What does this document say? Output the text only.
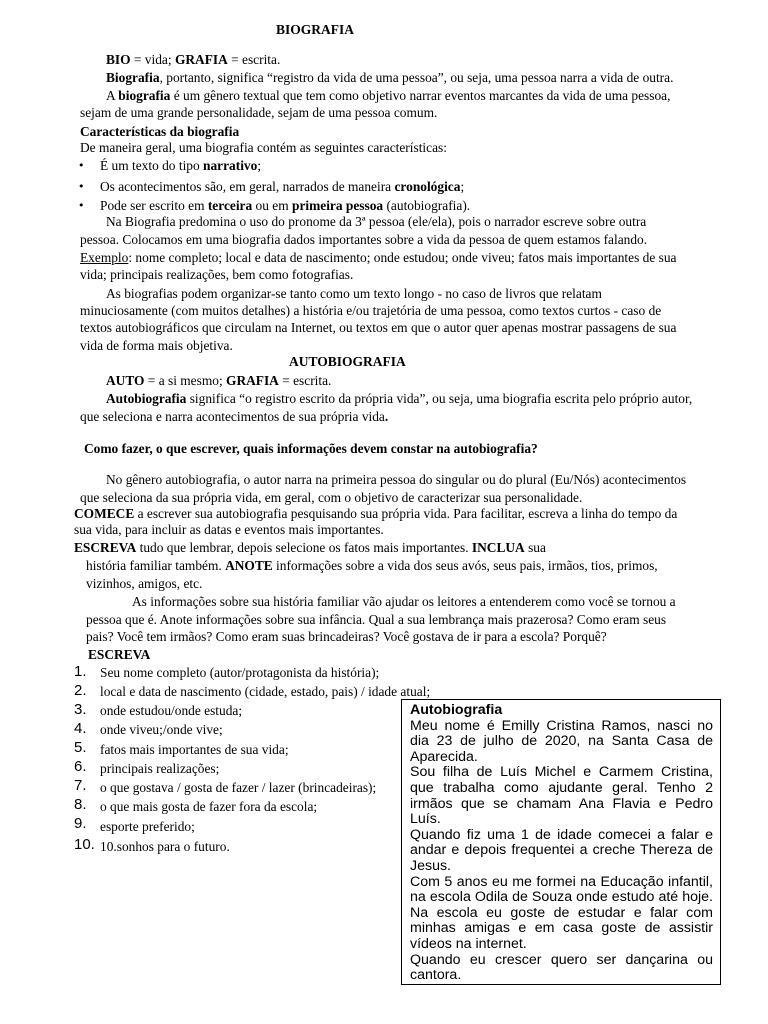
BIOGRAFIA
BIO = vida; GRAFIA = escrita.
Biografia, portanto, significa “registro da vida de uma pessoa”, ou seja, uma pessoa narra a vida de outra.
A biografia é um gênero textual que tem como objetivo narrar eventos marcantes da vida de uma pessoa,
sejam de uma grande personalidade, sejam de uma pessoa comum.
Características da biografia
De maneira geral, uma biografia contém as seguintes características:
• É um texto do tipo narrativo;
• Os acontecimentos são, em geral, narrados de maneira cronológica;
• Pode ser escrito em terceira ou em primeira pessoa (autobiografia).
Na Biografia predomina o uso do pronome da 3ª pessoa (ele/ela), pois o narrador escreve sobre outra
pessoa. Colocamos em uma biografia dados importantes sobre a vida da pessoa de quem estamos falando.
Exemplo: nome completo; local e data de nascimento; onde estudou; onde viveu; fatos mais importantes de sua
vida; principais realizações, bem como fotografias.
As biografias podem organizar-se tanto como um texto longo - no caso de livros que relatam
minuciosamente (com muitos detalhes) a história e/ou trajetória de uma pessoa, como textos curtos - caso de
textos autobiográficos que circulam na Internet, ou textos em que o autor quer apenas mostrar passagens de sua
vida de forma mais objetiva.
AUTOBIOGRAFIA
AUTO = a si mesmo; GRAFIA = escrita.
Autobiografia significa “o registro escrito da própria vida”, ou seja, uma biografia escrita pelo próprio autor,
que seleciona e narra acontecimentos de sua própria vida.
Como fazer, o que escrever, quais informações devem constar na autobiografia?
No gênero autobiografia, o autor narra na primeira pessoa do singular ou do plural (Eu/Nós) acontecimentos
que seleciona da sua própria vida, em geral, com o objetivo de caracterizar sua personalidade.
COMECE a escrever sua autobiografia pesquisando sua própria vida. Para facilitar, escreva a linha do tempo da
sua vida, para incluir as datas e eventos mais importantes.
ESCREVA tudo que lembrar, depois selecione os fatos mais importantes. INCLUA sua
história familiar também. ANOTE informações sobre a vida dos seus avós, seus pais, irmãos, tios, primos,
vizinhos, amigos, etc.
As informações sobre sua história familiar vão ajudar os leitores a entenderem como você se tornou a
pessoa que é. Anote informações sobre sua infância. Qual a sua lembrança mais prazerosa? Como eram seus
pais? Você tem irmãos? Como eram suas brincadeiras? Você gostava de ir para a escola? Porquê?
ESCREVA
1. Seu nome completo (autor/protagonista da história);
2. local e data de nascimento (cidade, estado, pais) / idade atual;
3. onde estudou/onde estuda;
4. onde viveu;/onde vive;
5. fatos mais importantes de sua vida;
6. principais realizações;
7. o que gostava / gosta de fazer / lazer (brincadeiras);
8. o que mais gosta de fazer fora da escola;
9. esporte preferido;
10. 10.sonhos para o futuro.
Autobiografia

Meu nome é Emilly Cristina Ramos, nasci no dia 23 de julho de 2020, na Santa Casa de Aparecida.

Sou filha de Luís Michel e Carmem Cristina, que trabalha como ajudante geral. Tenho 2 irmãos que se chamam Ana Flavia e Pedro Luís.

Quando fiz uma 1 de idade comecei a falar e andar e depois frequentei a creche Thereza de Jesus.

Com 5 anos eu me formei na Educação infantil, na escola Odila de Souza onde estudo até hoje. Na escola eu goste de estudar e falar com minhas amigas e em casa goste de assistir vídeos na internet.

Quando eu crescer quero ser dançarina ou cantora.
